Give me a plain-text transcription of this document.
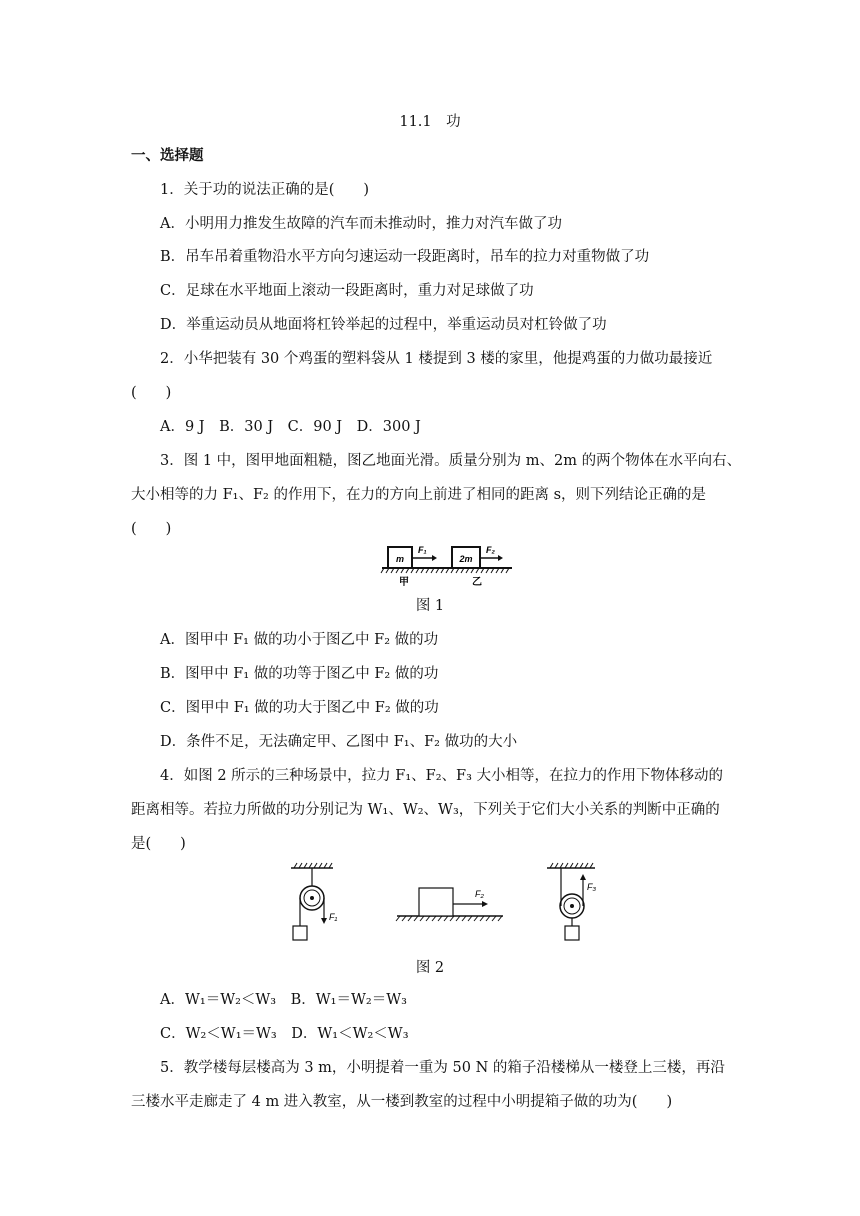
11.1　功
一、选择题
1．关于功的说法正确的是(　　)
A．小明用力推发生故障的汽车而未推动时，推力对汽车做了功
B．吊车吊着重物沿水平方向匀速运动一段距离时，吊车的拉力对重物做了功
C．足球在水平地面上滚动一段距离时，重力对足球做了功
D．举重运动员从地面将杠铃举起的过程中，举重运动员对杠铃做了功
2．小华把装有 30 个鸡蛋的塑料袋从 1 楼提到 3 楼的家里，他提鸡蛋的力做功最接近
(　　)
A．9 J　B．30 J　C．90 J　D．300 J
3．图 1 中，图甲地面粗糙，图乙地面光滑。质量分别为 m、2m 的两个物体在水平向右、
大小相等的力 F₁、F₂ 的作用下，在力的方向上前进了相同的距离 s，则下列结论正确的是
(　　)
m
F₁
甲
2m
F₂
乙
图 1
A．图甲中 F₁ 做的功小于图乙中 F₂ 做的功
B．图甲中 F₁ 做的功等于图乙中 F₂ 做的功
C．图甲中 F₁ 做的功大于图乙中 F₂ 做的功
D．条件不足，无法确定甲、乙图中 F₁、F₂ 做功的大小
4．如图 2 所示的三种场景中，拉力 F₁、F₂、F₃ 大小相等，在拉力的作用下物体移动的
距离相等。若拉力所做的功分别记为 W₁、W₂、W₃，下列关于它们大小关系的判断中正确的
是(　　)
F₁
F₂
F₃
图 2
A．W₁＝W₂＜W₃　B．W₁＝W₂＝W₃
C．W₂＜W₁＝W₃　D．W₁＜W₂＜W₃
5．教学楼每层楼高为 3 m，小明提着一重为 50 N 的箱子沿楼梯从一楼登上三楼，再沿
三楼水平走廊走了 4 m 进入教室，从一楼到教室的过程中小明提箱子做的功为(　　)
